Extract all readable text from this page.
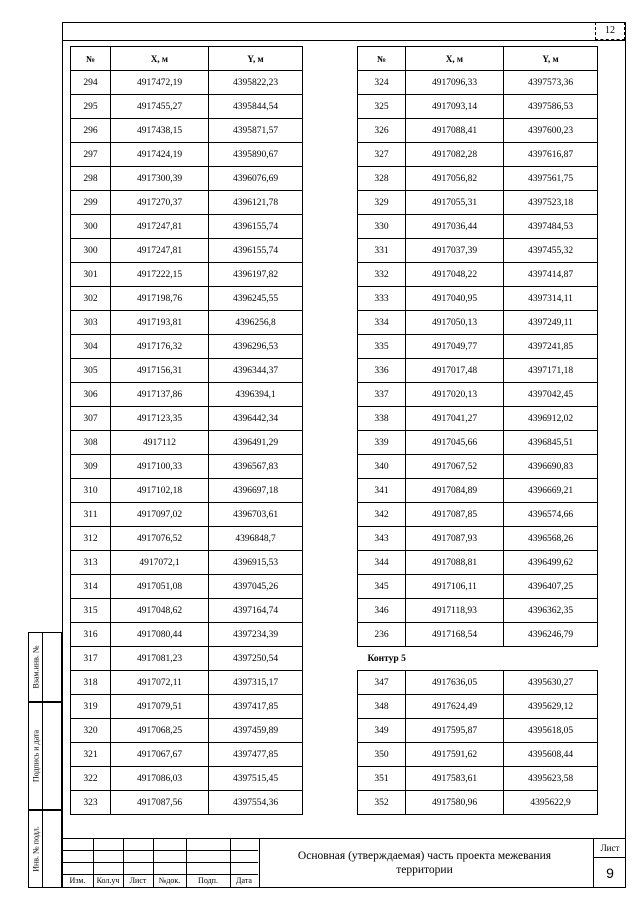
12
№	X, м	Y, м
294	4917472,19	4395822,23
295	4917455,27	4395844,54
296	4917438,15	4395871,57
297	4917424,19	4395890,67
298	4917300,39	4396076,69
299	4917270,37	4396121,78
300	4917247,81	4396155,74
300	4917247,81	4396155,74
301	4917222,15	4396197,82
302	4917198,76	4396245,55
303	4917193,81	4396256,8
304	4917176,32	4396296,53
305	4917156,31	4396344,37
306	4917137,86	4396394,1
307	4917123,35	4396442,34
308	4917112	4396491,29
309	4917100,33	4396567,83
310	4917102,18	4396697,18
311	4917097,02	4396703,61
312	4917076,52	4396848,7
313	4917072,1	4396915,53
314	4917051,08	4397045,26
315	4917048,62	4397164,74
316	4917080,44	4397234,39
317	4917081,23	4397250,54
318	4917072,11	4397315,17
319	4917079,51	4397417,85
320	4917068,25	4397459,89
321	4917067,67	4397477,85
322	4917086,03	4397515,45
323	4917087,56	4397554,36
№	X, м	Y, м
324	4917096,33	4397573,36
325	4917093,14	4397586,53
326	4917088,41	4397600,23
327	4917082,28	4397616,87
328	4917056,82	4397561,75
329	4917055,31	4397523,18
330	4917036,44	4397484,53
331	4917037,39	4397455,32
332	4917048,22	4397414,87
333	4917040,95	4397314,11
334	4917050,13	4397249,11
335	4917049,77	4397241,85
336	4917017,48	4397171,18
337	4917020,13	4397042,45
338	4917041,27	4396912,02
339	4917045,66	4396845,51
340	4917067,52	4396690,83
341	4917084,89	4396669,21
342	4917087,85	4396574,66
343	4917087,93	4396568,26
344	4917088,81	4396499,62
345	4917106,11	4396407,25
346	4917118,93	4396362,35
236	4917168,54	4396246,79
Контур 5		
347	4917636,05	4395630,27
348	4917624,49	4395629,12
349	4917595,87	4395618,05
350	4917591,62	4395608,44
351	4917583,61	4395623,58
352	4917580,96	4395622,9
Взам.инв. №
Подпись и дата
Инв. № подл.
Изм.	Кол.уч	Лист	№док.	Подп.	Дата
Основная (утверждаемая) часть проекта межевания территории
Лист
9
